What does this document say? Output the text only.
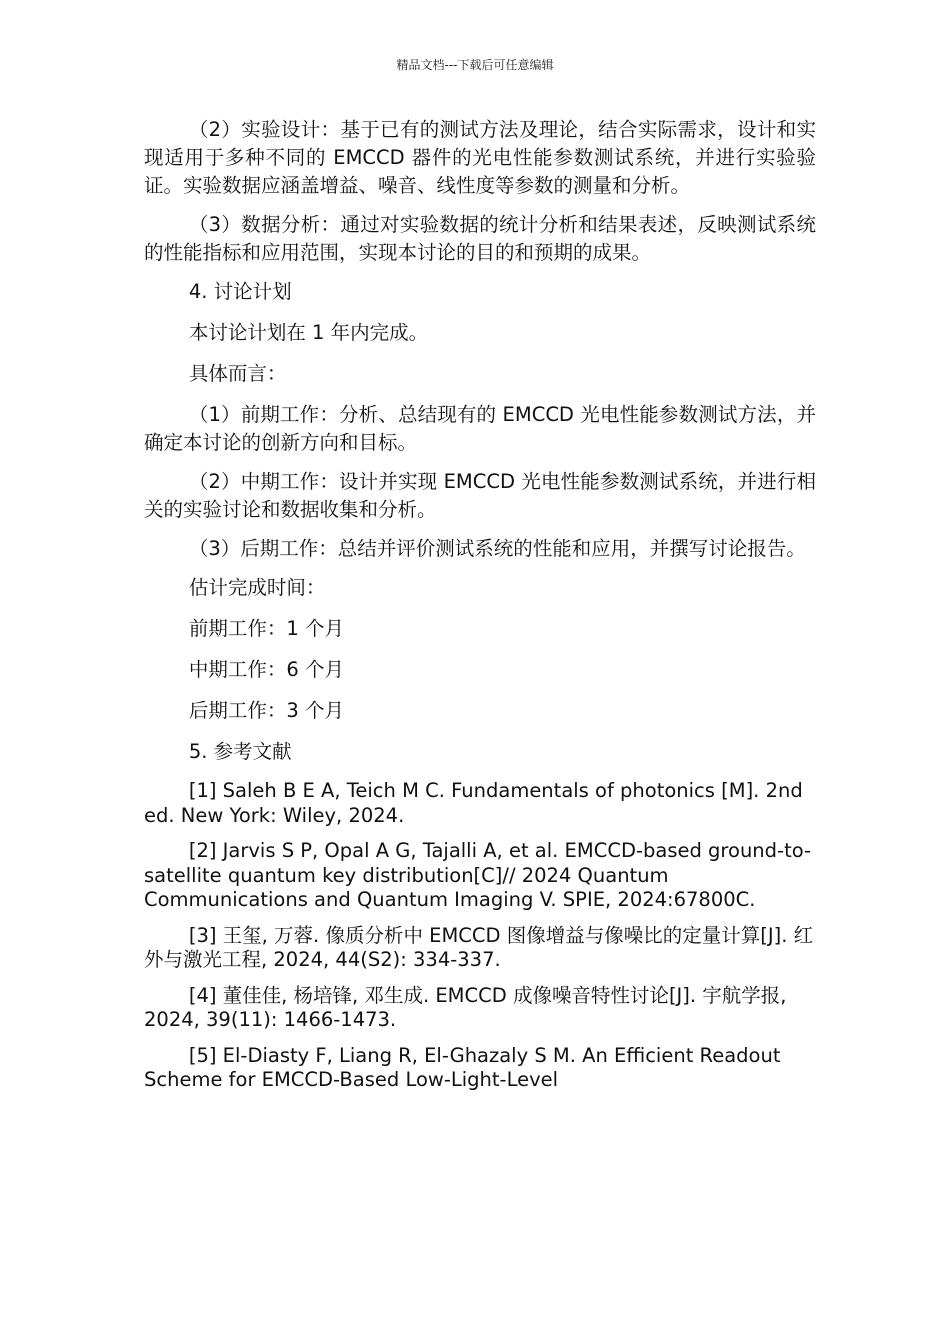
精品文档---下载后可任意编辑

（2）实验设计：基于已有的测试方法及理论，结合实际需求，设计和实现适用于多种不同的 EMCCD 器件的光电性能参数测试系统，并进行实验验证。实验数据应涵盖增益、噪音、线性度等参数的测量和分析。

（3）数据分析：通过对实验数据的统计分析和结果表述，反映测试系统的性能指标和应用范围，实现本讨论的目的和预期的成果。

4. 讨论计划

本讨论计划在 1 年内完成。

具体而言：

（1）前期工作：分析、总结现有的 EMCCD 光电性能参数测试方法，并确定本讨论的创新方向和目标。

（2）中期工作：设计并实现 EMCCD 光电性能参数测试系统，并进行相关的实验讨论和数据收集和分析。

（3）后期工作：总结并评价测试系统的性能和应用，并撰写讨论报告。

估计完成时间：

前期工作：1 个月

中期工作：6 个月

后期工作：3 个月

5. 参考文献

[1] Saleh B E A, Teich M C. Fundamentals of photonics [M]. 2nd ed. New York: Wiley, 2024.

[2] Jarvis S P, Opal A G, Tajalli A, et al. EMCCD-based ground-to-satellite quantum key distribution[C]// 2024 Quantum Communications and Quantum Imaging V. SPIE, 2024:67800C.

[3] 王玺, 万蓉. 像质分析中 EMCCD 图像增益与像噪比的定量计算[J]. 红外与激光工程, 2024, 44(S2): 334-337.

[4] 董佳佳, 杨培锋, 邓生成. EMCCD 成像噪音特性讨论[J]. 宇航学报, 2024, 39(11): 1466-1473.

[5] El-Diasty F, Liang R, El-Ghazaly S M. An Efficient Readout Scheme for EMCCD-Based Low-Light-Level
